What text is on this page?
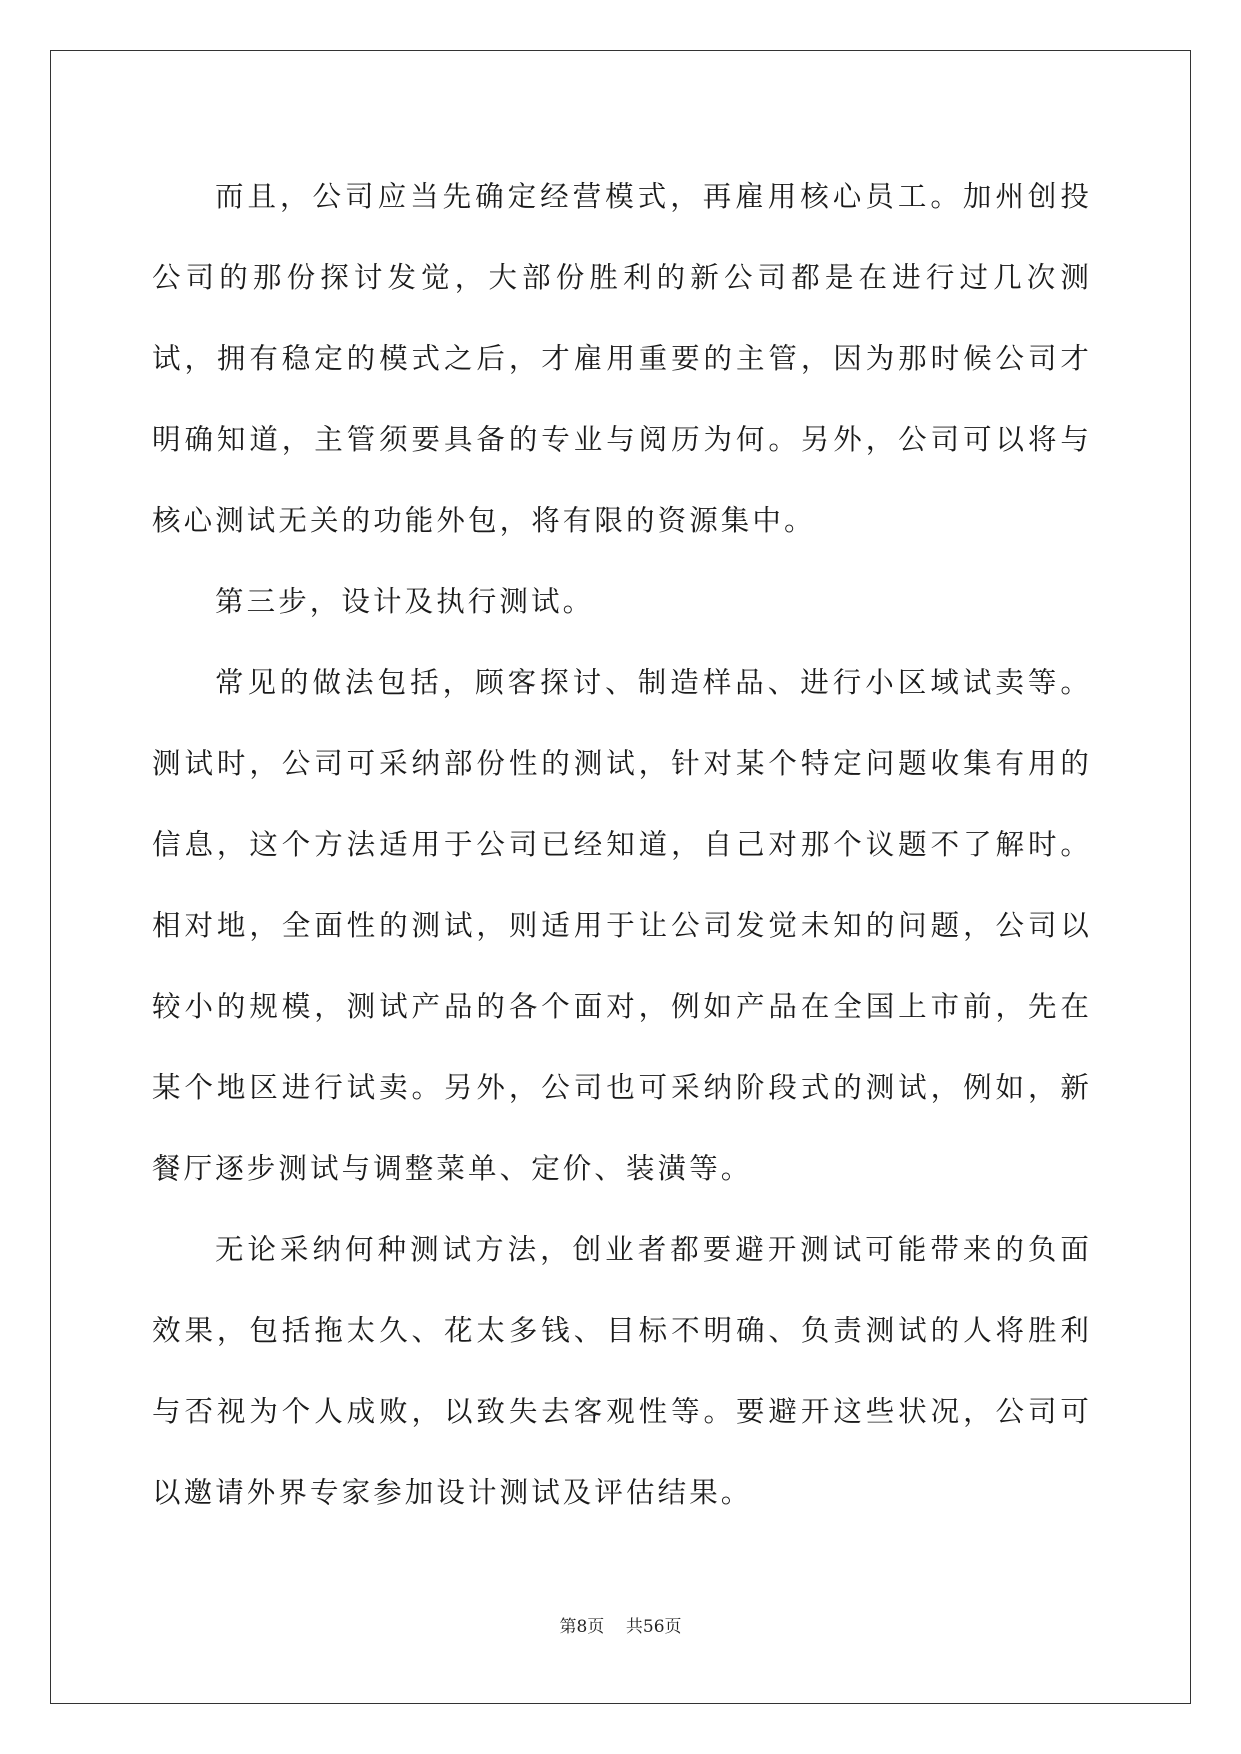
而且，公司应当先确定经营模式，再雇用核心员工。加州创投公司的那份探讨发觉，大部份胜利的新公司都是在进行过几次测试，拥有稳定的模式之后，才雇用重要的主管，因为那时候公司才明确知道，主管须要具备的专业与阅历为何。另外，公司可以将与核心测试无关的功能外包，将有限的资源集中。

第三步，设计及执行测试。

常见的做法包括，顾客探讨、制造样品、进行小区域试卖等。测试时，公司可采纳部份性的测试，针对某个特定问题收集有用的信息，这个方法适用于公司已经知道，自己对那个议题不了解时。相对地，全面性的测试，则适用于让公司发觉未知的问题，公司以较小的规模，测试产品的各个面对，例如产品在全国上市前，先在某个地区进行试卖。另外，公司也可采纳阶段式的测试，例如，新餐厅逐步测试与调整菜单、定价、装潢等。

无论采纳何种测试方法，创业者都要避开测试可能带来的负面效果，包括拖太久、花太多钱、目标不明确、负责测试的人将胜利与否视为个人成败，以致失去客观性等。要避开这些状况，公司可以邀请外界专家参加设计测试及评估结果。

第8页 共56页
